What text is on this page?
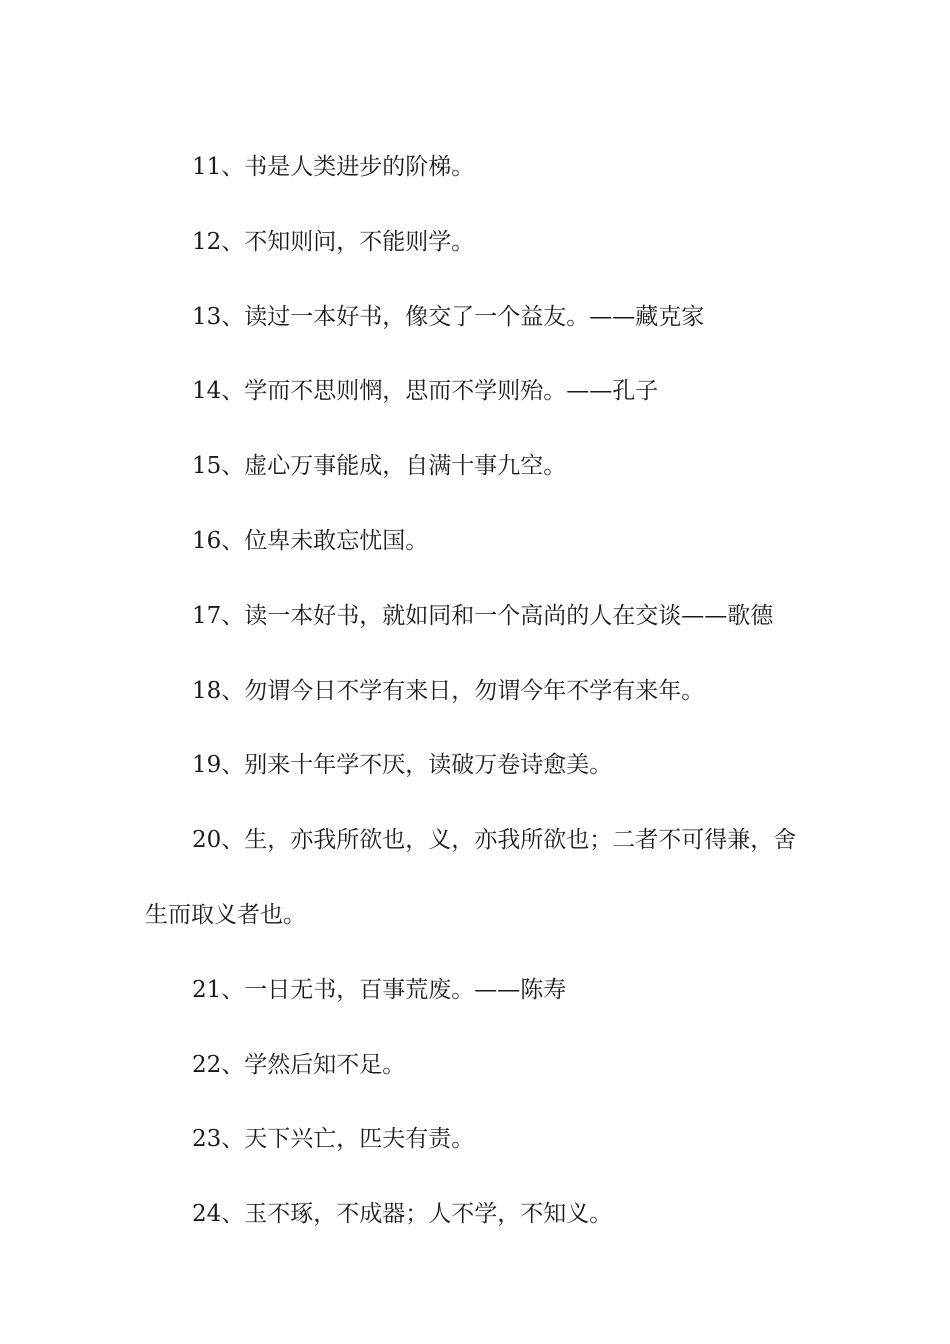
11、书是人类进步的阶梯。
12、不知则问，不能则学。
13、读过一本好书，像交了一个益友。——藏克家
14、学而不思则惘，思而不学则殆。——孔子
15、虚心万事能成，自满十事九空。
16、位卑未敢忘忧国。
17、读一本好书，就如同和一个高尚的人在交谈——歌德
18、勿谓今日不学有来日，勿谓今年不学有来年。
19、别来十年学不厌，读破万卷诗愈美。
20、生，亦我所欲也，义，亦我所欲也；二者不可得兼，舍生而取义者也。
21、一日无书，百事荒废。——陈寿
22、学然后知不足。
23、天下兴亡，匹夫有责。
24、玉不琢，不成器；人不学，不知义。
